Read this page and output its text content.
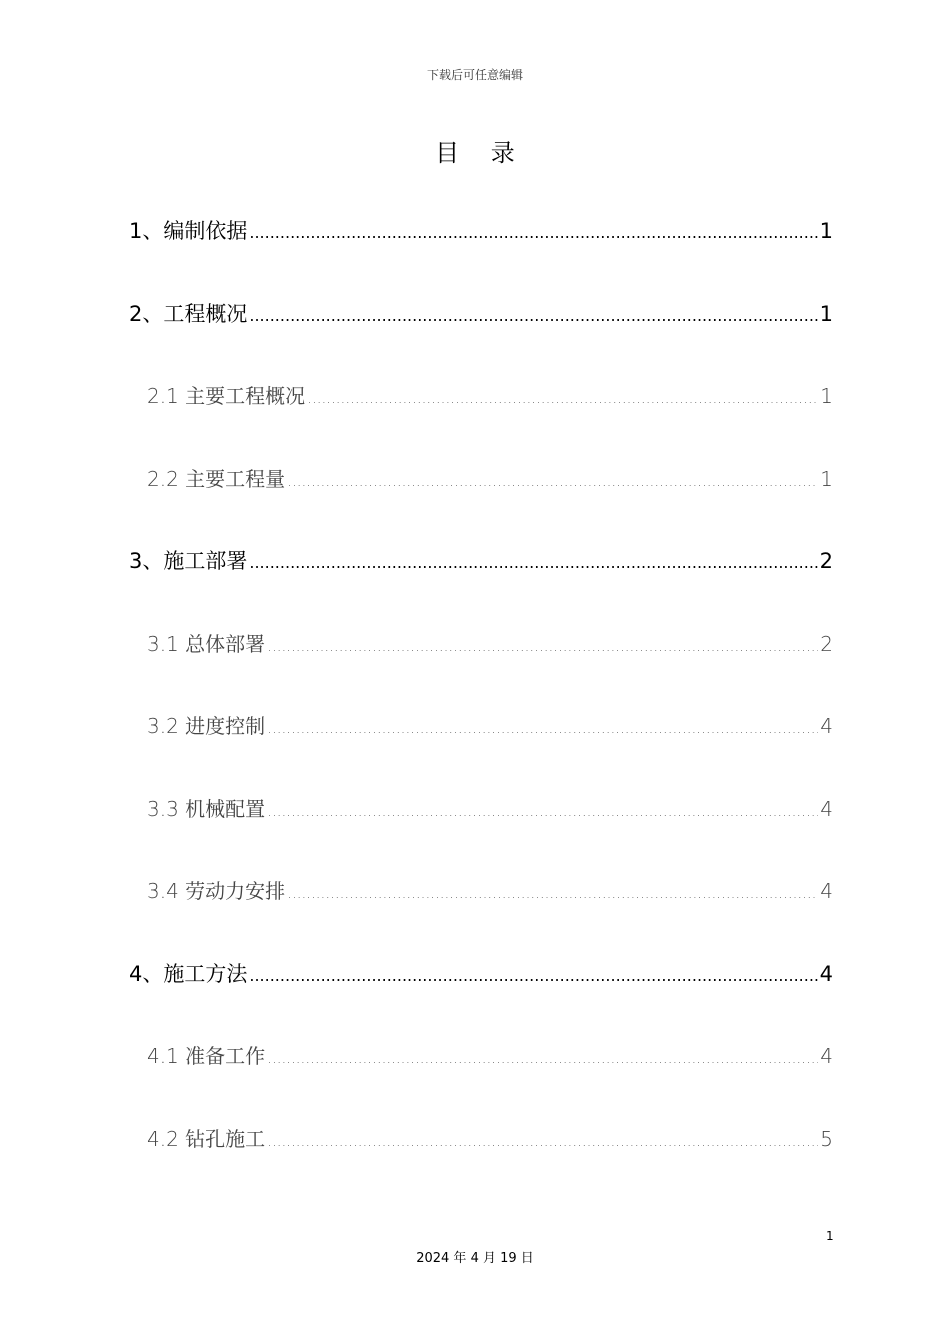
下载后可任意编辑
目 录
1、编制依据 .....	1
2、工程概况 .....	1
2.1 主要工程概况 .....	1
2.2 主要工程量 .....	1
3、施工部署 .....	2
3.1 总体部署 .....	2
3.2 进度控制 .....	4
3.3 机械配置 .....	4
3.4 劳动力安排 .....	4
4、施工方法 .....	4
4.1 准备工作 .....	4
4.2 钻孔施工 .....	5
1
2024 年 4 月 19 日
